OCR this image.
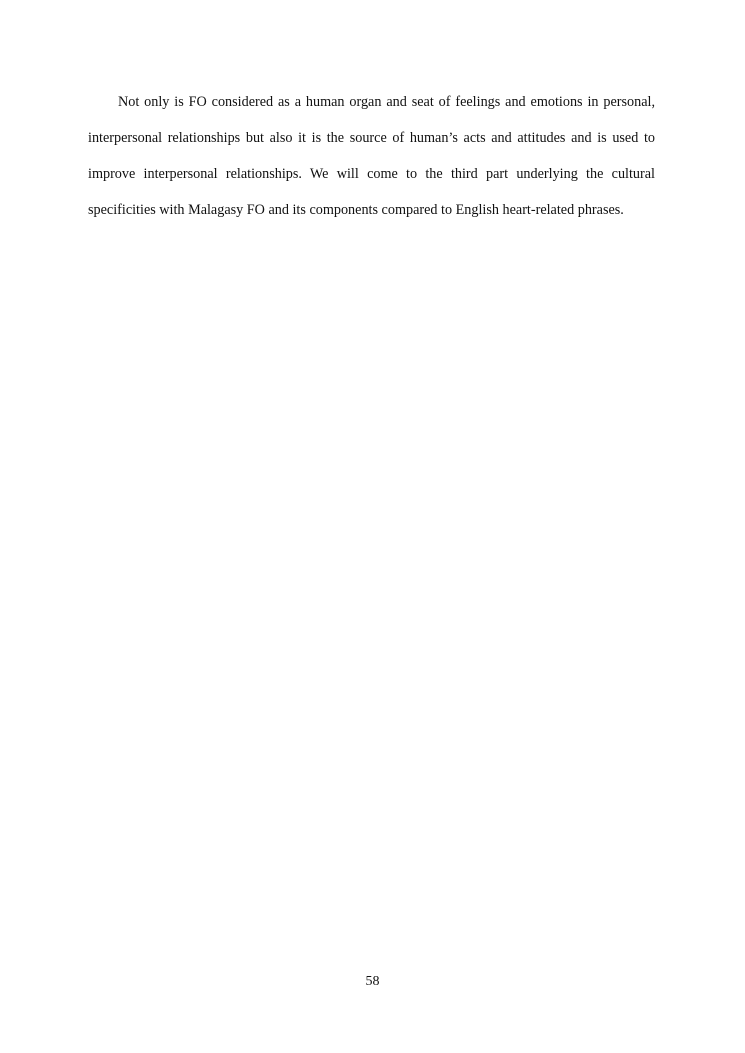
Not only is FO considered as a human organ and seat of feelings and emotions in personal, interpersonal relationships but also it is the source of human’s acts and attitudes and is used to improve interpersonal relationships. We will come to the third part underlying the cultural specificities with Malagasy FO and its components compared to English heart-related phrases.

58
